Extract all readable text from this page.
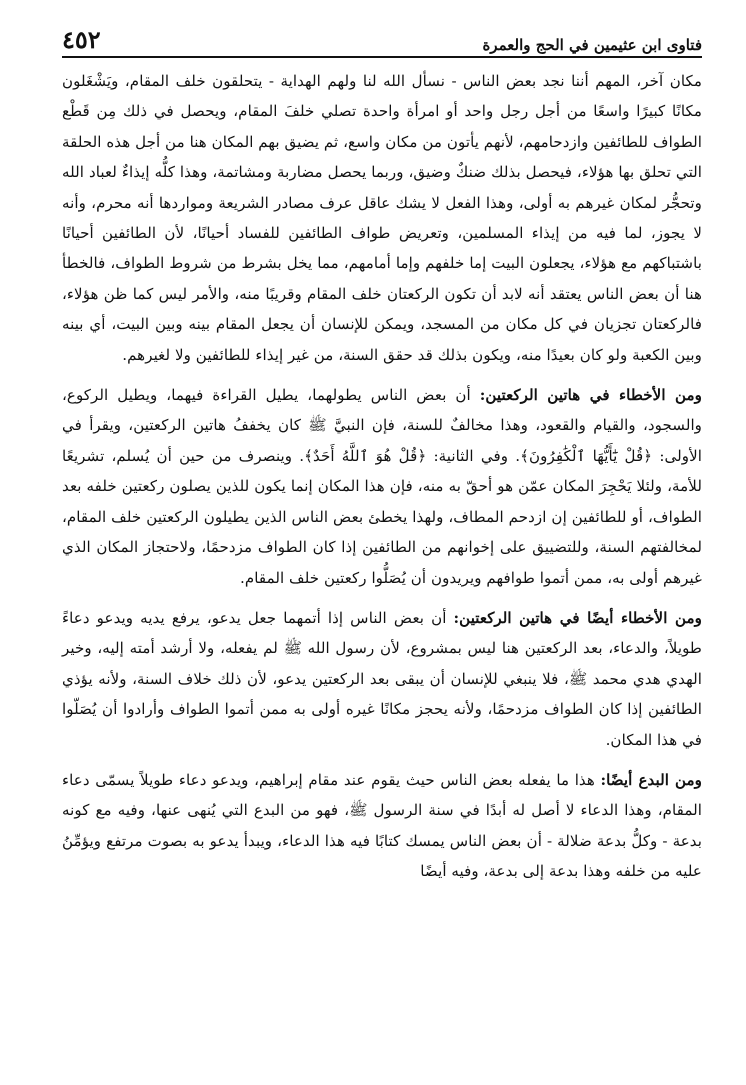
فتاوى ابن عثيمين في الحج والعمرة
٤٥٢

مكان آخر، المهم أننا نجد بعض الناس - نسأل الله لنا ولهم الهداية - يتحلقون خلف المقام، ويَشْغَلون مكانًا كبيرًا واسعًا من أجل رجل واحد أو امرأة واحدة تصلي خلفَ المقام، ويحصل في ذلك مِن قَطْع الطواف للطائفين وازدحامهم، لأنهم يأتون من مكان واسع، ثم يضيق بهم المكان هنا من أجل هذه الحلقة التي تحلق بها هؤلاء، فيحصل بذلك ضنكٌ وضيق، وربما يحصل مضاربة ومشاتمة، وهذا كلُّه إيذاءٌ لعباد الله وتحجُّر لمكان غيرهم به أولى، وهذا الفعل لا يشك عاقل عرف مصادر الشريعة ومواردها أنه محرم، وأنه لا يجوز، لما فيه من إيذاء المسلمين، وتعريض طواف الطائفين للفساد أحيانًا، لأن الطائفين أحيانًا باشتباكهم مع هؤلاء، يجعلون البيت إما خلفهم وإما أمامهم، مما يخل بشرط من شروط الطواف، فالخطأ هنا أن بعض الناس يعتقد أنه لابد أن تكون الركعتان خلف المقام وقريبًا منه، والأمر ليس كما ظن هؤلاء، فالركعتان تجزيان في كل مكان من المسجد، ويمكن للإنسان أن يجعل المقام بينه وبين البيت، أي بينه وبين الكعبة ولو كان بعيدًا منه، ويكون بذلك قد حقق السنة، من غير إيذاء للطائفين ولا لغيرهم.

ومن الأخطاء في هاتين الركعتين: أن بعض الناس يطولهما، يطيل القراءة فيهما، ويطيل الركوع، والسجود، والقيام والقعود، وهذا مخالفٌ للسنة، فإن النبيَّ ﷺ كان يخففُ هاتين الركعتين، ويقرأ في الأولى: ﴿قُلْ يَٰٓأَيُّهَا ٱلْكَٰفِرُونَ﴾. وفي الثانية: ﴿قُلْ هُوَ ٱللَّهُ أَحَدٌ﴾. وينصرف من حين أن يُسلم، تشريعًا للأمة، ولئلا يَحْجِرَ المكان عمّن هو أحقّ به منه، فإن هذا المكان إنما يكون للذين يصلون ركعتين خلفه بعد الطواف، أو للطائفين إن ازدحم المطاف، ولهذا يخطئ بعض الناس الذين يطيلون الركعتين خلف المقام، لمخالفتهم السنة، وللتضييق على إخوانهم من الطائفين إذا كان الطواف مزدحمًا، ولاحتجاز المكان الذي غيرهم أولى به، ممن أتموا طوافهم ويريدون أن يُصَلُّوا ركعتين خلف المقام.

ومن الأخطاء أيضًا في هاتين الركعتين: أن بعض الناس إذا أتمهما جعل يدعو، يرفع يديه ويدعو دعاءً طويلاً، والدعاء، بعد الركعتين هنا ليس بمشروع، لأن رسول الله ﷺ لم يفعله، ولا أرشد أمته إليه، وخير الهدي هدي محمد ﷺ، فلا ينبغي للإنسان أن يبقى بعد الركعتين يدعو، لأن ذلك خلاف السنة، ولأنه يؤذي الطائفين إذا كان الطواف مزدحمًا، ولأنه يحجز مكانًا غيره أولى به ممن أتموا الطواف وأرادوا أن يُصَلّوا في هذا المكان.

ومن البدع أيضًا: هذا ما يفعله بعض الناس حيث يقوم عند مقام إبراهيم، ويدعو دعاء طويلاً يسمّى دعاء المقام، وهذا الدعاء لا أصل له أبدًا في سنة الرسول ﷺ، فهو من البدع التي يُنهى عنها، وفيه مع كونه بدعة - وكلُّ بدعة ضلالة - أن بعض الناس يمسك كتابًا فيه هذا الدعاء، ويبدأ يدعو به بصوت مرتفع ويؤمِّنُ عليه من خلفه وهذا بدعة إلى بدعة، وفيه أيضًا
